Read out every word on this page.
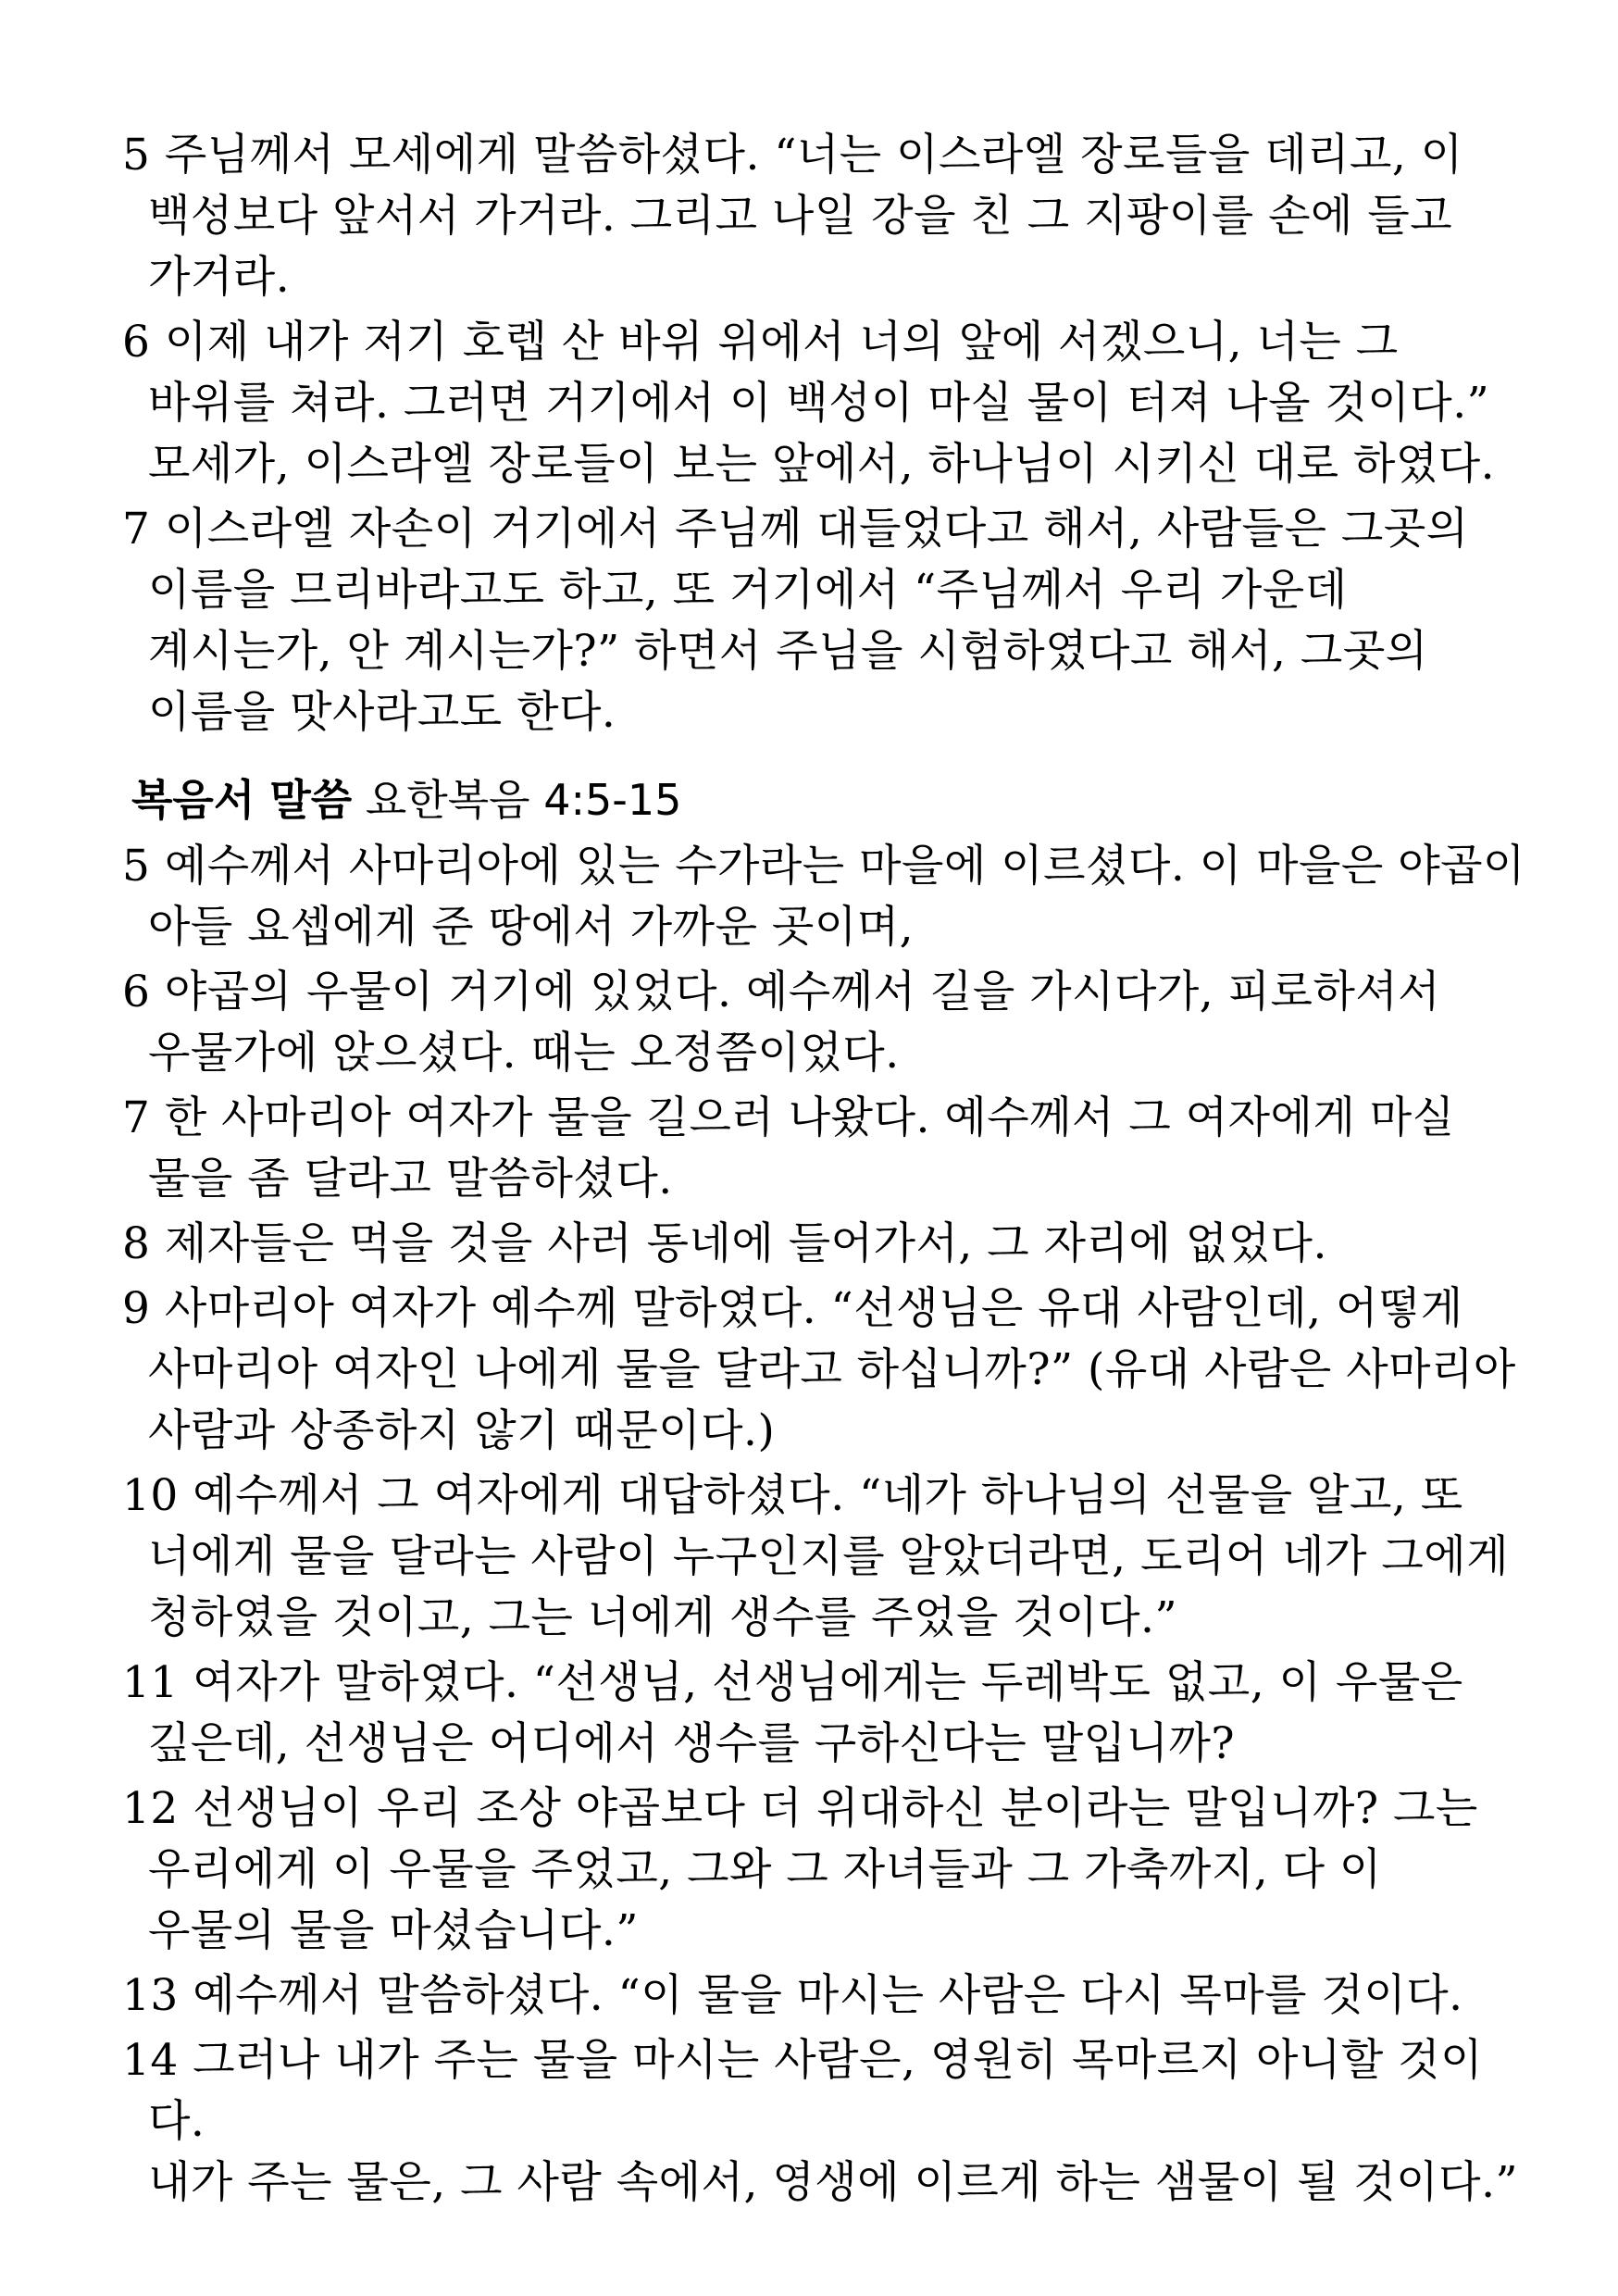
5 주님께서 모세에게 말씀하셨다. “너는 이스라엘 장로들을 데리고, 이
백성보다 앞서서 가거라. 그리고 나일 강을 친 그 지팡이를 손에 들고
가거라.

6 이제 내가 저기 호렙 산 바위 위에서 너의 앞에 서겠으니, 너는 그
바위를 쳐라. 그러면 거기에서 이 백성이 마실 물이 터져 나올 것이다.”
모세가, 이스라엘 장로들이 보는 앞에서, 하나님이 시키신 대로 하였다.

7 이스라엘 자손이 거기에서 주님께 대들었다고 해서, 사람들은 그곳의
이름을 므리바라고도 하고, 또 거기에서 “주님께서 우리 가운데
계시는가, 안 계시는가?” 하면서 주님을 시험하였다고 해서, 그곳의
이름을 맛사라고도 한다.

복음서 말씀 요한복음 4:5-15

5 예수께서 사마리아에 있는 수가라는 마을에 이르셨다. 이 마을은 야곱이
아들 요셉에게 준 땅에서 가까운 곳이며,

6 야곱의 우물이 거기에 있었다. 예수께서 길을 가시다가, 피로하셔서
우물가에 앉으셨다. 때는 오정쯤이었다.

7 한 사마리아 여자가 물을 길으러 나왔다. 예수께서 그 여자에게 마실
물을 좀 달라고 말씀하셨다.

8 제자들은 먹을 것을 사러 동네에 들어가서, 그 자리에 없었다.

9 사마리아 여자가 예수께 말하였다. “선생님은 유대 사람인데, 어떻게
사마리아 여자인 나에게 물을 달라고 하십니까?” (유대 사람은 사마리아
사람과 상종하지 않기 때문이다.)

10 예수께서 그 여자에게 대답하셨다. “네가 하나님의 선물을 알고, 또
너에게 물을 달라는 사람이 누구인지를 알았더라면, 도리어 네가 그에게
청하였을 것이고, 그는 너에게 생수를 주었을 것이다.”

11 여자가 말하였다. “선생님, 선생님에게는 두레박도 없고, 이 우물은
깊은데, 선생님은 어디에서 생수를 구하신다는 말입니까?

12 선생님이 우리 조상 야곱보다 더 위대하신 분이라는 말입니까? 그는
우리에게 이 우물을 주었고, 그와 그 자녀들과 그 가축까지, 다 이
우물의 물을 마셨습니다.”

13 예수께서 말씀하셨다. “이 물을 마시는 사람은 다시 목마를 것이다.

14 그러나 내가 주는 물을 마시는 사람은, 영원히 목마르지 아니할 것이다.
내가 주는 물은, 그 사람 속에서, 영생에 이르게 하는 샘물이 될 것이다.”
